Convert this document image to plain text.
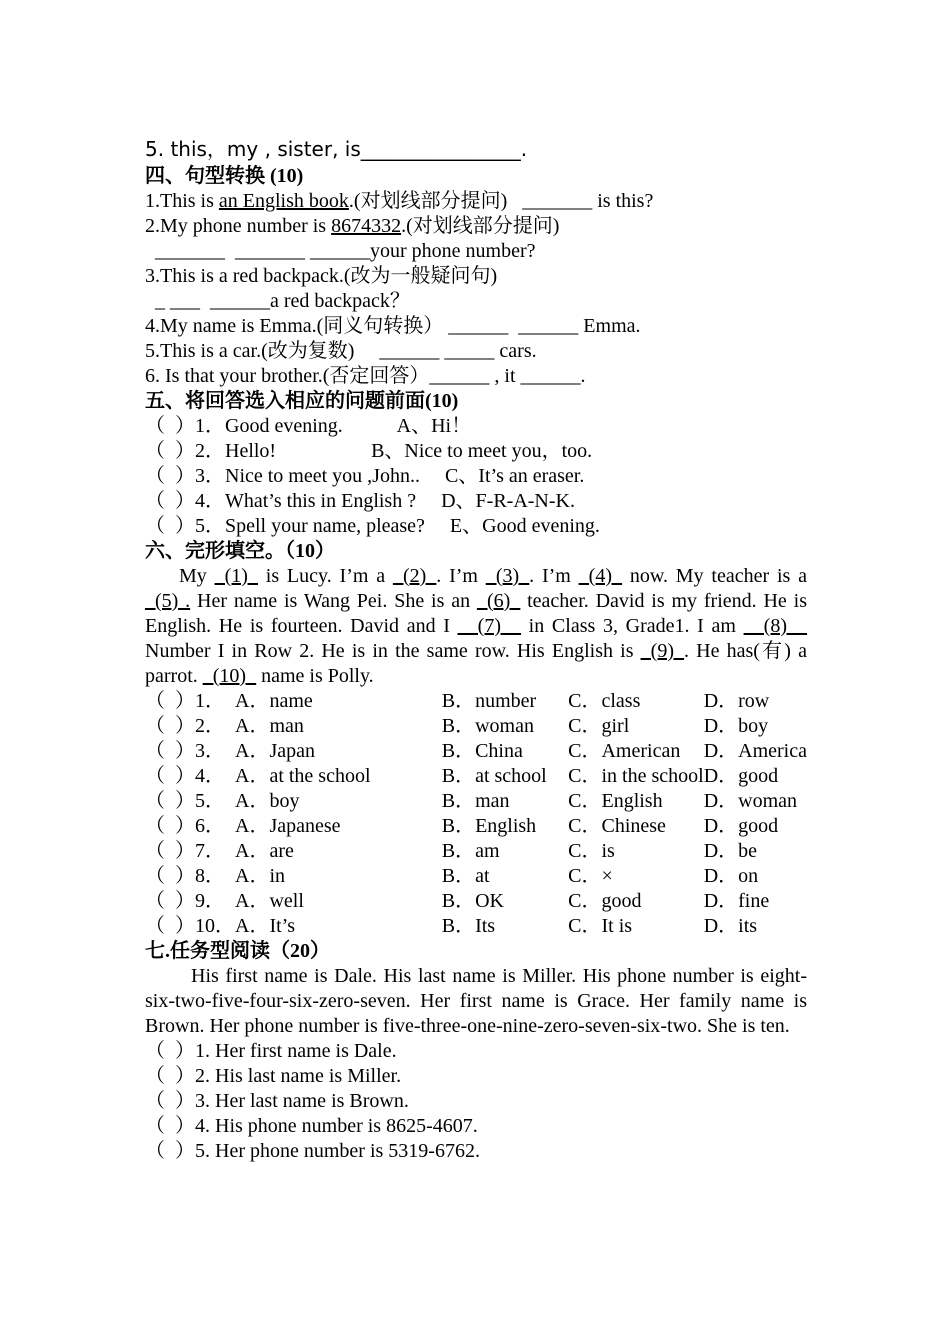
5. this，my , sister, is________________.
四、句型转换 (10)
1.This is an English book.(对划线部分提问)   _______ is this?
2.My phone number is 8674332.(对划线部分提问)
_______  _______ ______your phone number?
3.This is a red backpack.(改为一般疑问句)
_ ___  ______a red backpack？
4.My name is Emma.(同义句转换） ______  ______ Emma.
5.This is a car.(改为复数)     ______ _____ cars.
6. Is that your brother.(否定回答）______ , it ______.
五、将回答选入相应的问题前面(10)
（  ）1．Good evening.           A、Hi！
（  ）2．Hello!                   B、Nice to meet you，too.
（  ）3．Nice to meet you ,John..     C、It’s an eraser.
（  ）4．What’s this in English ?     D、F-R-A-N-K.
（  ）5．Spell your name, please?     E、Good evening.
六、完形填空。（10）
My _(1)_ is Lucy. I’m a _(2)_. I’m _(3)_. I’m _(4)_ now. My teacher is a _(5) . Her name is Wang Pei. She is an _(6)_ teacher. David is my friend. He is English. He is fourteen. David and I __(7)__ in Class 3, Grade1. I am __(8)__ Number I in Row 2. He is in the same row. His English is _(9)_. He has(有) a parrot. _(10)_ name is Polly.
（  ）1．	A．name	B．number	C．class	D．row
（  ）2．	A．man	B．woman	C．girl	D．boy
（  ）3．	A．Japan	B．China	C．American	D．America
（  ）4．	A．at the school	B．at school	C．in the school	D．good
（  ）5．	A．boy	B．man	C．English	D．woman
（  ）6．	A．Japanese	B．English	C．Chinese	D．good
（  ）7．	A．are	B．am	C．is	D．be
（  ）8．	A．in	B．at	C．×	D．on
（  ）9．	A．well	B．OK	C．good	D．fine
（  ）10．	A．It’s	B．Its	C．It is	D．its
七.任务型阅读（20）
His first name is Dale. His last name is Miller. His phone number is eight-six-two-five-four-six-zero-seven. Her first name is Grace. Her family name is Brown. Her phone number is five-three-one-nine-zero-seven-six-two. She is ten.
（  ）1. Her first name is Dale.
（  ）2. His last name is Miller.
（  ）3. Her last name is Brown.
（  ）4. His phone number is 8625-4607.
（  ）5. Her phone number is 5319-6762.
